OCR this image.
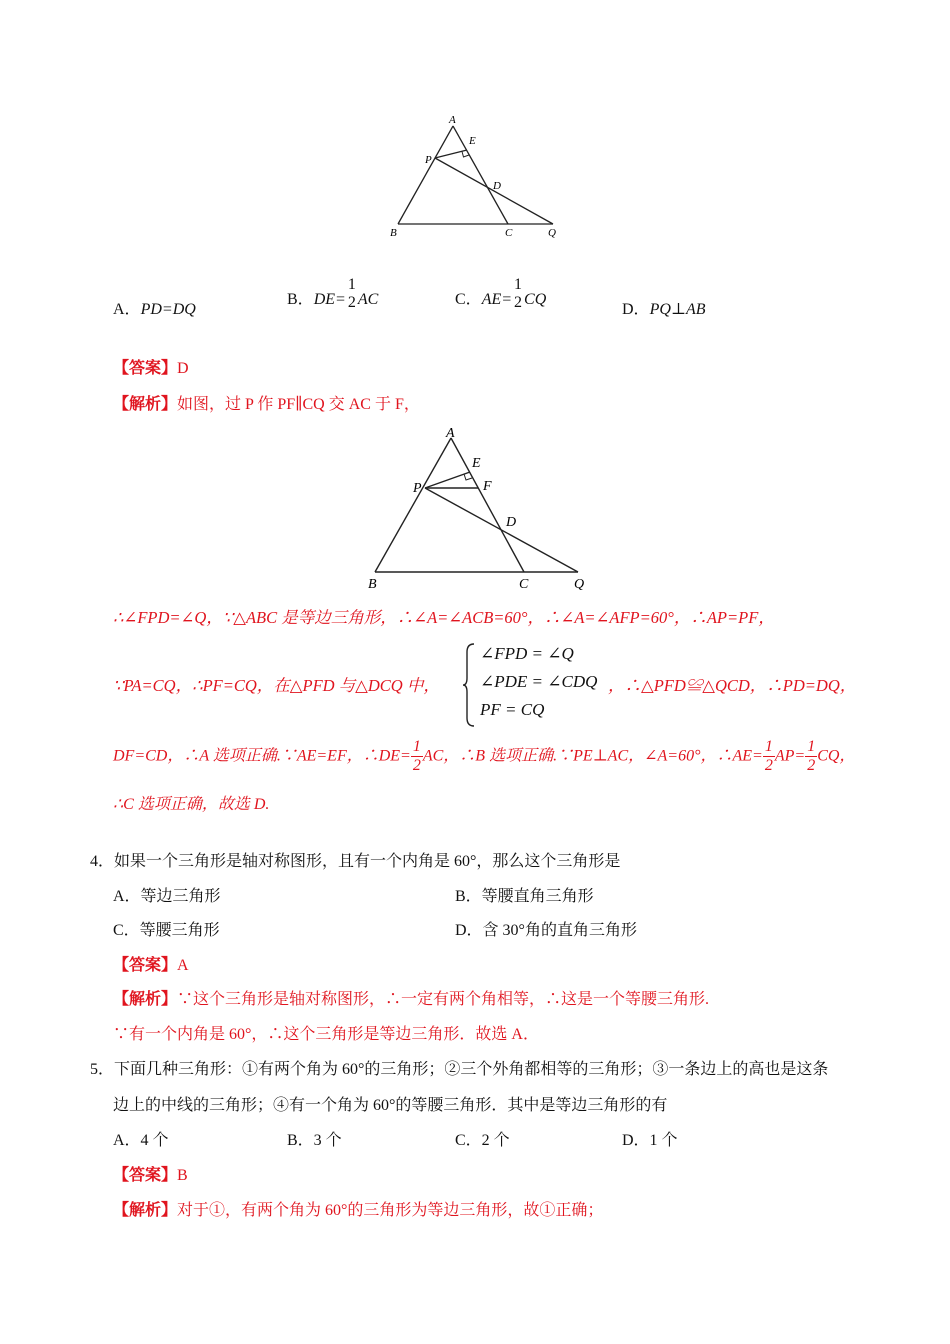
A
E
P
D
B	C	Q
A．PD=DQ
B．DE=
1
2 AC	C．AE=
1
2 CQ
D．PQ⊥AB
【答案】D
【解析】如图，过 P 作 PF∥CQ 交 AC 于 F，
A
E
P	F
D
B	C	Q
∴∠FPD=∠Q，∵△ABC 是等边三角形，∴∠A=∠ACB=60°，∴∠A=∠AFP=60°，∴AP=PF，
∵PA=CQ，∴PF=CQ，在△PFD 与△DCQ 中，
∠FPD = ∠Q
∠PDE = ∠CDQ
PF = CQ
，∴△PFD≌△QCD，∴PD=DQ，
DF=CD，∴A 选项正确.∵AE=EF，∴DE= $\frac{1}{2}$ AC，∴B 选项正确.∵PE⊥AC，∠A=60°，∴AE= $\frac{1}{2} AP= \frac{1}{2}$ CQ，
∴C 选项正确，故选 D.
4．如果一个三角形是轴对称图形，且有一个内角是 60°，那么这个三角形是
A．等边三角形	B．等腰直角三角形
C．等腰三角形	D．含 30°角的直角三角形
【答案】A
【解析】∵这个三角形是轴对称图形，∴一定有两个角相等，∴这是一个等腰三角形.
∵有一个内角是 60°，∴这个三角形是等边三角形．故选 A．
5．下面几种三角形：①有两个角为 60°的三角形；②三个外角都相等的三角形；③一条边上的高也是这条
边上的中线的三角形；④有一个角为 60°的等腰三角形．其中是等边三角形的有
A．4 个	B．3 个	C．2 个	D．1 个
【答案】B
【解析】对于①，有两个角为 60°的三角形为等边三角形，故①正确；
